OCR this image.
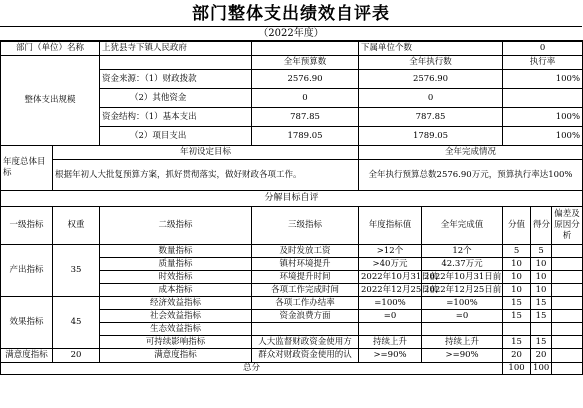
部门整体支出绩效自评表
（2022年度）
部门（单位）名称		上犹县寺下镇人民政府		下属单位个数		0		
整体支出规模			全年预算数	全年执行数		执行率		
		资金来源：（1）财政拨款	2576.90	2576.90		100%		
		（2）其他资金	0	0				
		资金结构：（1）基本支出	787.85	787.85		100%		
		（2）项目支出	1789.05	1789.05		100%		
年度总体目标	年初设定目标			全年完成情况				
	根据年初人大批复预算方案，抓好贯彻落实，做好财政各项工作。			全年执行预算总数2576.90万元，预算执行率达100%				
分解目标自评								
一级指标	权重	二级指标	三级指标	年度指标值	全年完成值	分值	得分	偏差及原因分析
产出指标	35	数量指标	及时发放工资	>12个	12个	5	5	
		质量指标	镇村环境提升	>40万元	42.37万元	10	10	
		时效指标	环境提升时间	2022年10月31日前	2022年10月31日前	10	10	
		成本指标	各项工作完成时间	2022年12月25日前	2022年12月25日前	10	10	
效果指标	45	经济效益指标	各项工作办结率	=100%	=100%	15	15	
		社会效益指标	资金浪费方面	=0	=0	15	15	
		生态效益指标						
		可持续影响指标	人大监督财政资金使用方	持续上升	持续上升	15	15	
满意度指标	20	满意度指标	群众对财政资金使用的认	>=90%	>=90%	20	20	
总分						100	100	
